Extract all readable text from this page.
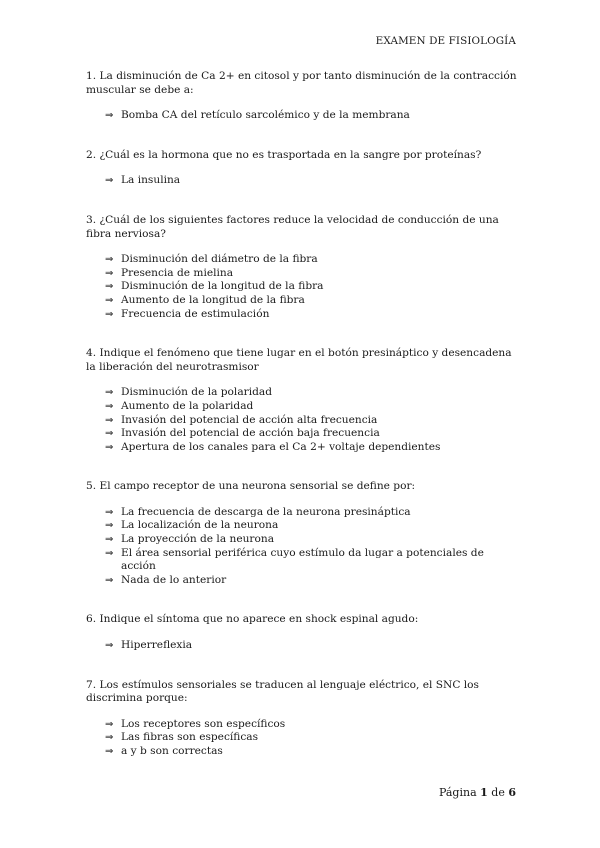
EXAMEN DE FISIOLOGÍA

1. La disminución de Ca 2+ en citosol y por tanto disminución de la contracción muscular se debe a:

⇒ Bomba CA del retículo sarcolémico y de la membrana

2. ¿Cuál es la hormona que no es trasportada en la sangre por proteínas?

⇒ La insulina

3. ¿Cuál de los siguientes factores reduce la velocidad de conducción de una fibra nerviosa?

⇒ Disminución del diámetro de la fibra
⇒ Presencia de mielina
⇒ Disminución de la longitud de la fibra
⇒ Aumento de la longitud de la fibra
⇒ Frecuencia de estimulación

4. Indique el fenómeno que tiene lugar en el botón presináptico y desencadena la liberación del neurotrasmisor

⇒ Disminución de la polaridad
⇒ Aumento de la polaridad
⇒ Invasión del potencial de acción alta frecuencia
⇒ Invasión del potencial de acción baja frecuencia
⇒ Apertura de los canales para el Ca 2+ voltaje dependientes

5. El campo receptor de una neurona sensorial se define por:

⇒ La frecuencia de descarga de la neurona presináptica
⇒ La localización de la neurona
⇒ La proyección de la neurona
⇒ El área sensorial periférica cuyo estímulo da lugar a potenciales de acción
⇒ Nada de lo anterior

6. Indique el síntoma que no aparece en shock espinal agudo:

⇒ Hiperreflexia

7. Los estímulos sensoriales se traducen al lenguaje eléctrico, el SNC los discrimina porque:

⇒ Los receptores son específicos
⇒ Las fibras son específicas
⇒ a y b son correctas
Página 1 de 6
